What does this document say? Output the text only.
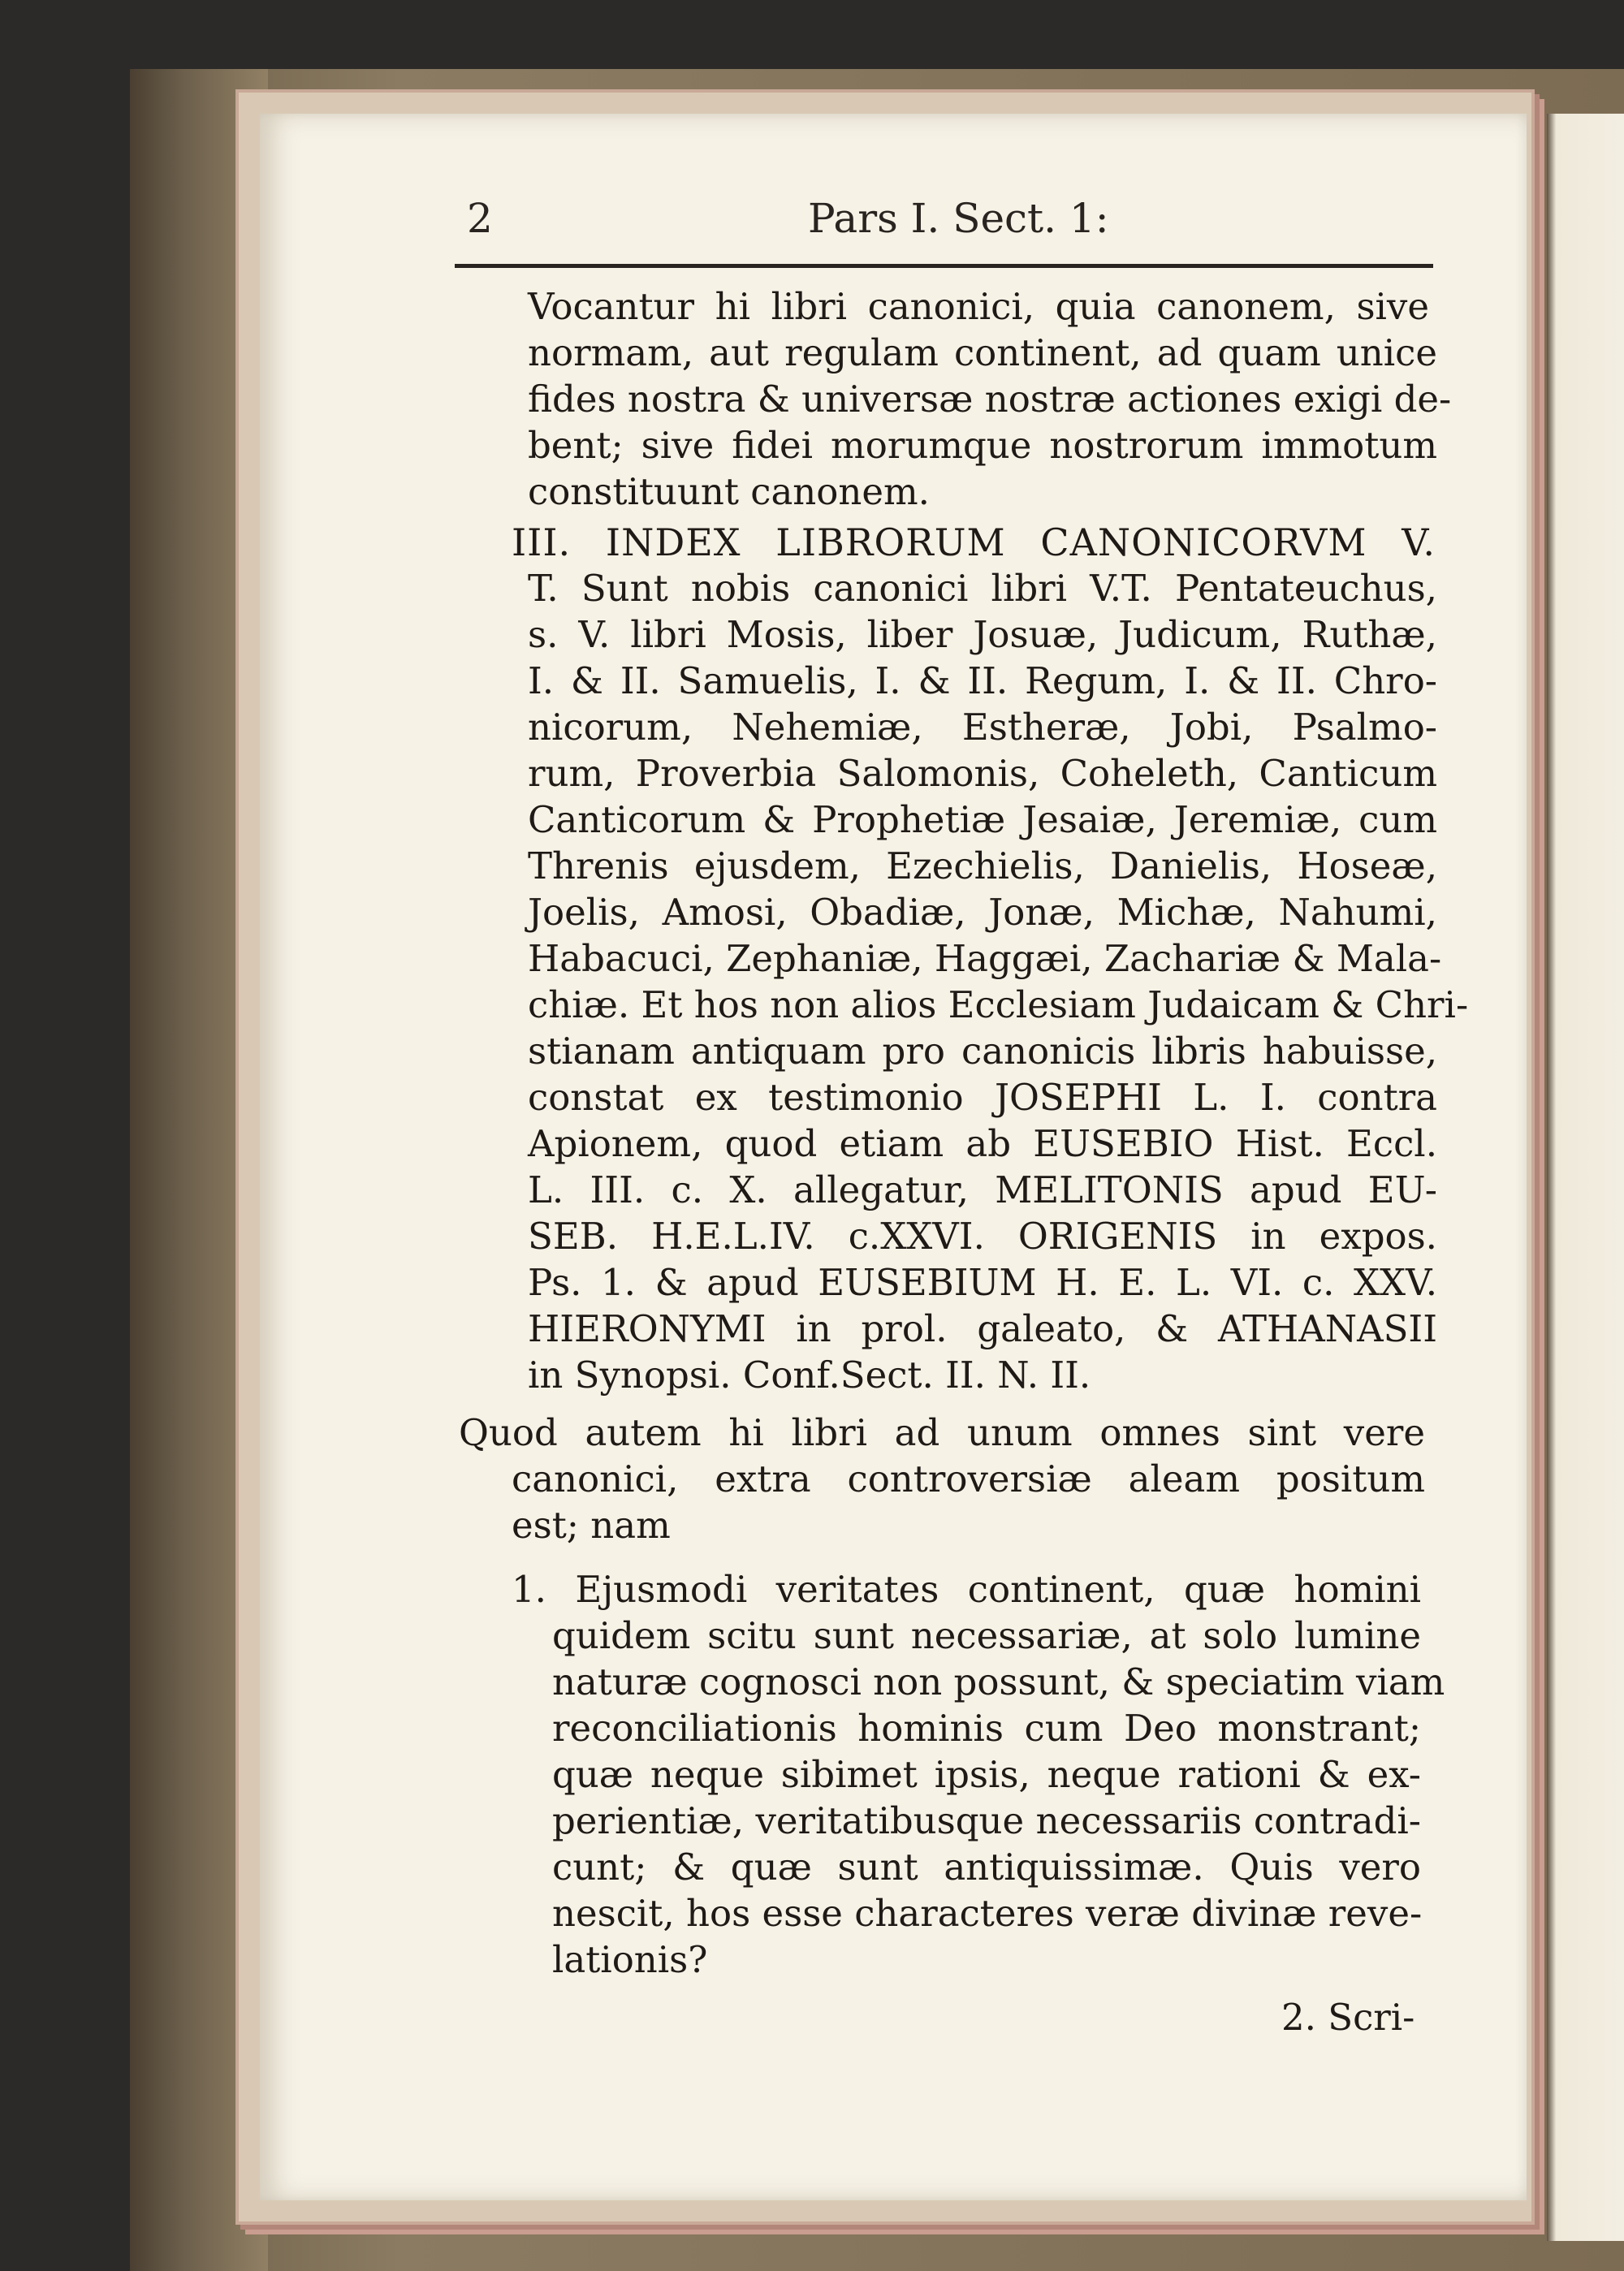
2	Pars I. Sect. 1:

Vocantur hi libri canonici, quia canonem, sive

normam, aut regulam continent, ad quam unice

fides nostra & universæ nostræ actiones exigi de-

bent; sive fidei morumque nostrorum immotum

constituunt canonem.

III. INDEX LIBRORUM CANONICORVM V.

T. Sunt nobis canonici libri V.T. Pentateuchus,

s. V. libri Mosis, liber Josuæ, Judicum, Ruthæ,

I. & II. Samuelis, I. & II. Regum, I. & II. Chro-

nicorum, Nehemiæ, Estheræ, Jobi, Psalmo-

rum, Proverbia Salomonis, Coheleth, Canticum

Canticorum & Prophetiæ Jesaiæ, Jeremiæ, cum

Threnis ejusdem, Ezechielis, Danielis, Hoseæ,

Joelis, Amosi, Obadiæ, Jonæ, Michæ, Nahumi,

Habacuci, Zephaniæ, Haggæi, Zachariæ & Mala-

chiæ. Et hos non alios Ecclesiam Judaicam & Chri-

stianam antiquam pro canonicis libris habuisse,

constat ex testimonio JOSEPHI L. I. contra

Apionem, quod etiam ab EUSEBIO Hist. Eccl.

L. III. c. X. allegatur, MELITONIS apud EU-

SEB. H.E.L.IV. c.XXVI. ORIGENIS in expos.

Ps. 1. & apud EUSEBIUM H. E. L. VI. c. XXV.

HIERONYMI in prol. galeato, & ATHANASII

in Synopsi. Conf.Sect. II. N. II.

Quod autem hi libri ad unum omnes sint vere

canonici, extra controversiæ aleam positum

est; nam

1. Ejusmodi veritates continent, quæ homini

quidem scitu sunt necessariæ, at solo lumine

naturæ cognosci non possunt, & speciatim viam

reconciliationis hominis cum Deo monstrant;

quæ neque sibimet ipsis, neque rationi & ex-

perientiæ, veritatibusque necessariis contradi-

cunt; & quæ sunt antiquissimæ. Quis vero

nescit, hos esse characteres veræ divinæ reve-

lationis?

2. Scri-
